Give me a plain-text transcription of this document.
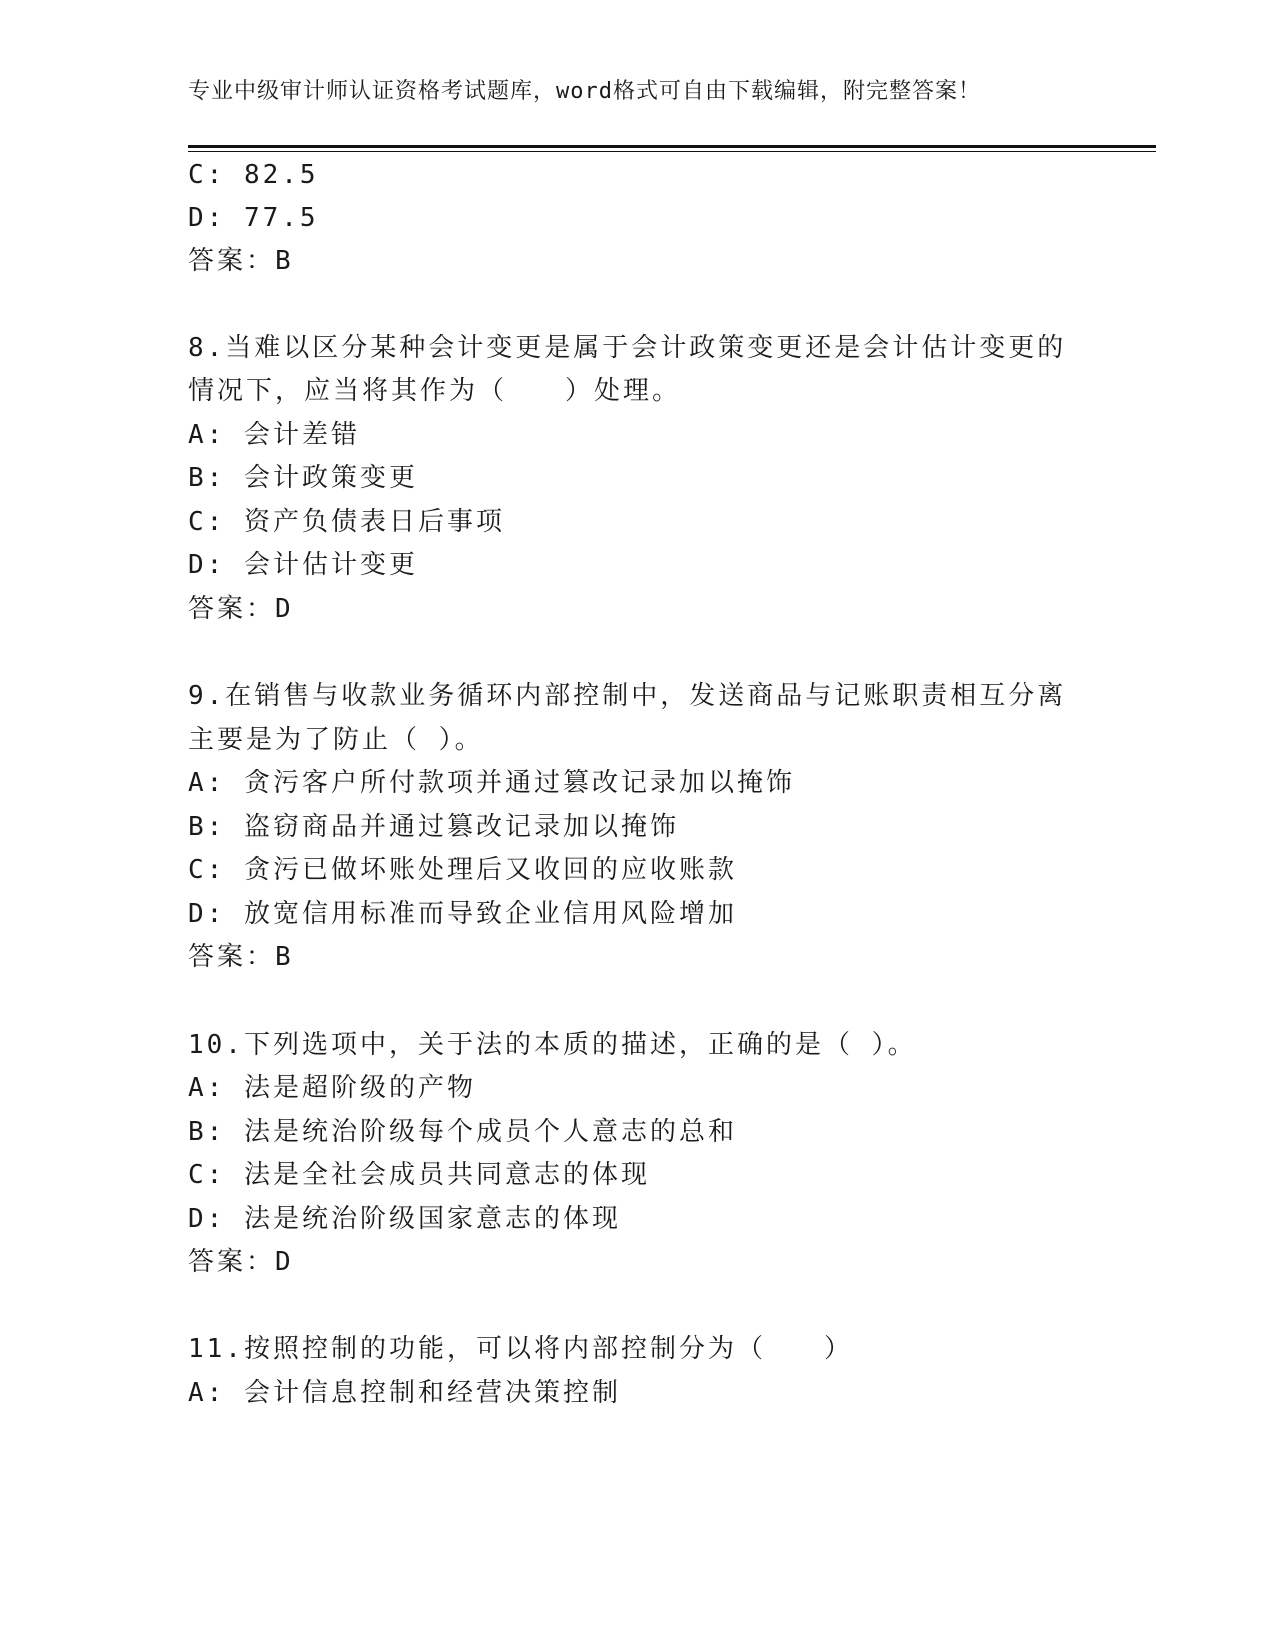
专业中级审计师认证资格考试题库，word格式可自由下载编辑，附完整答案！
C: 82.5
D: 77.5
答案：B
8.当难以区分某种会计变更是属于会计政策变更还是会计估计变更的
情况下，应当将其作为（　　）处理。
A: 会计差错
B: 会计政策变更
C: 资产负债表日后事项
D: 会计估计变更
答案：D
9.在销售与收款业务循环内部控制中，发送商品与记账职责相互分离
主要是为了防止（ ）。
A: 贪污客户所付款项并通过篡改记录加以掩饰
B: 盗窃商品并通过篡改记录加以掩饰
C: 贪污已做坏账处理后又收回的应收账款
D: 放宽信用标准而导致企业信用风险增加
答案：B
10.下列选项中，关于法的本质的描述，正确的是（ ）。
A: 法是超阶级的产物
B: 法是统治阶级每个成员个人意志的总和
C: 法是全社会成员共同意志的体现
D: 法是统治阶级国家意志的体现
答案：D
11.按照控制的功能，可以将内部控制分为（　　）
A: 会计信息控制和经营决策控制
